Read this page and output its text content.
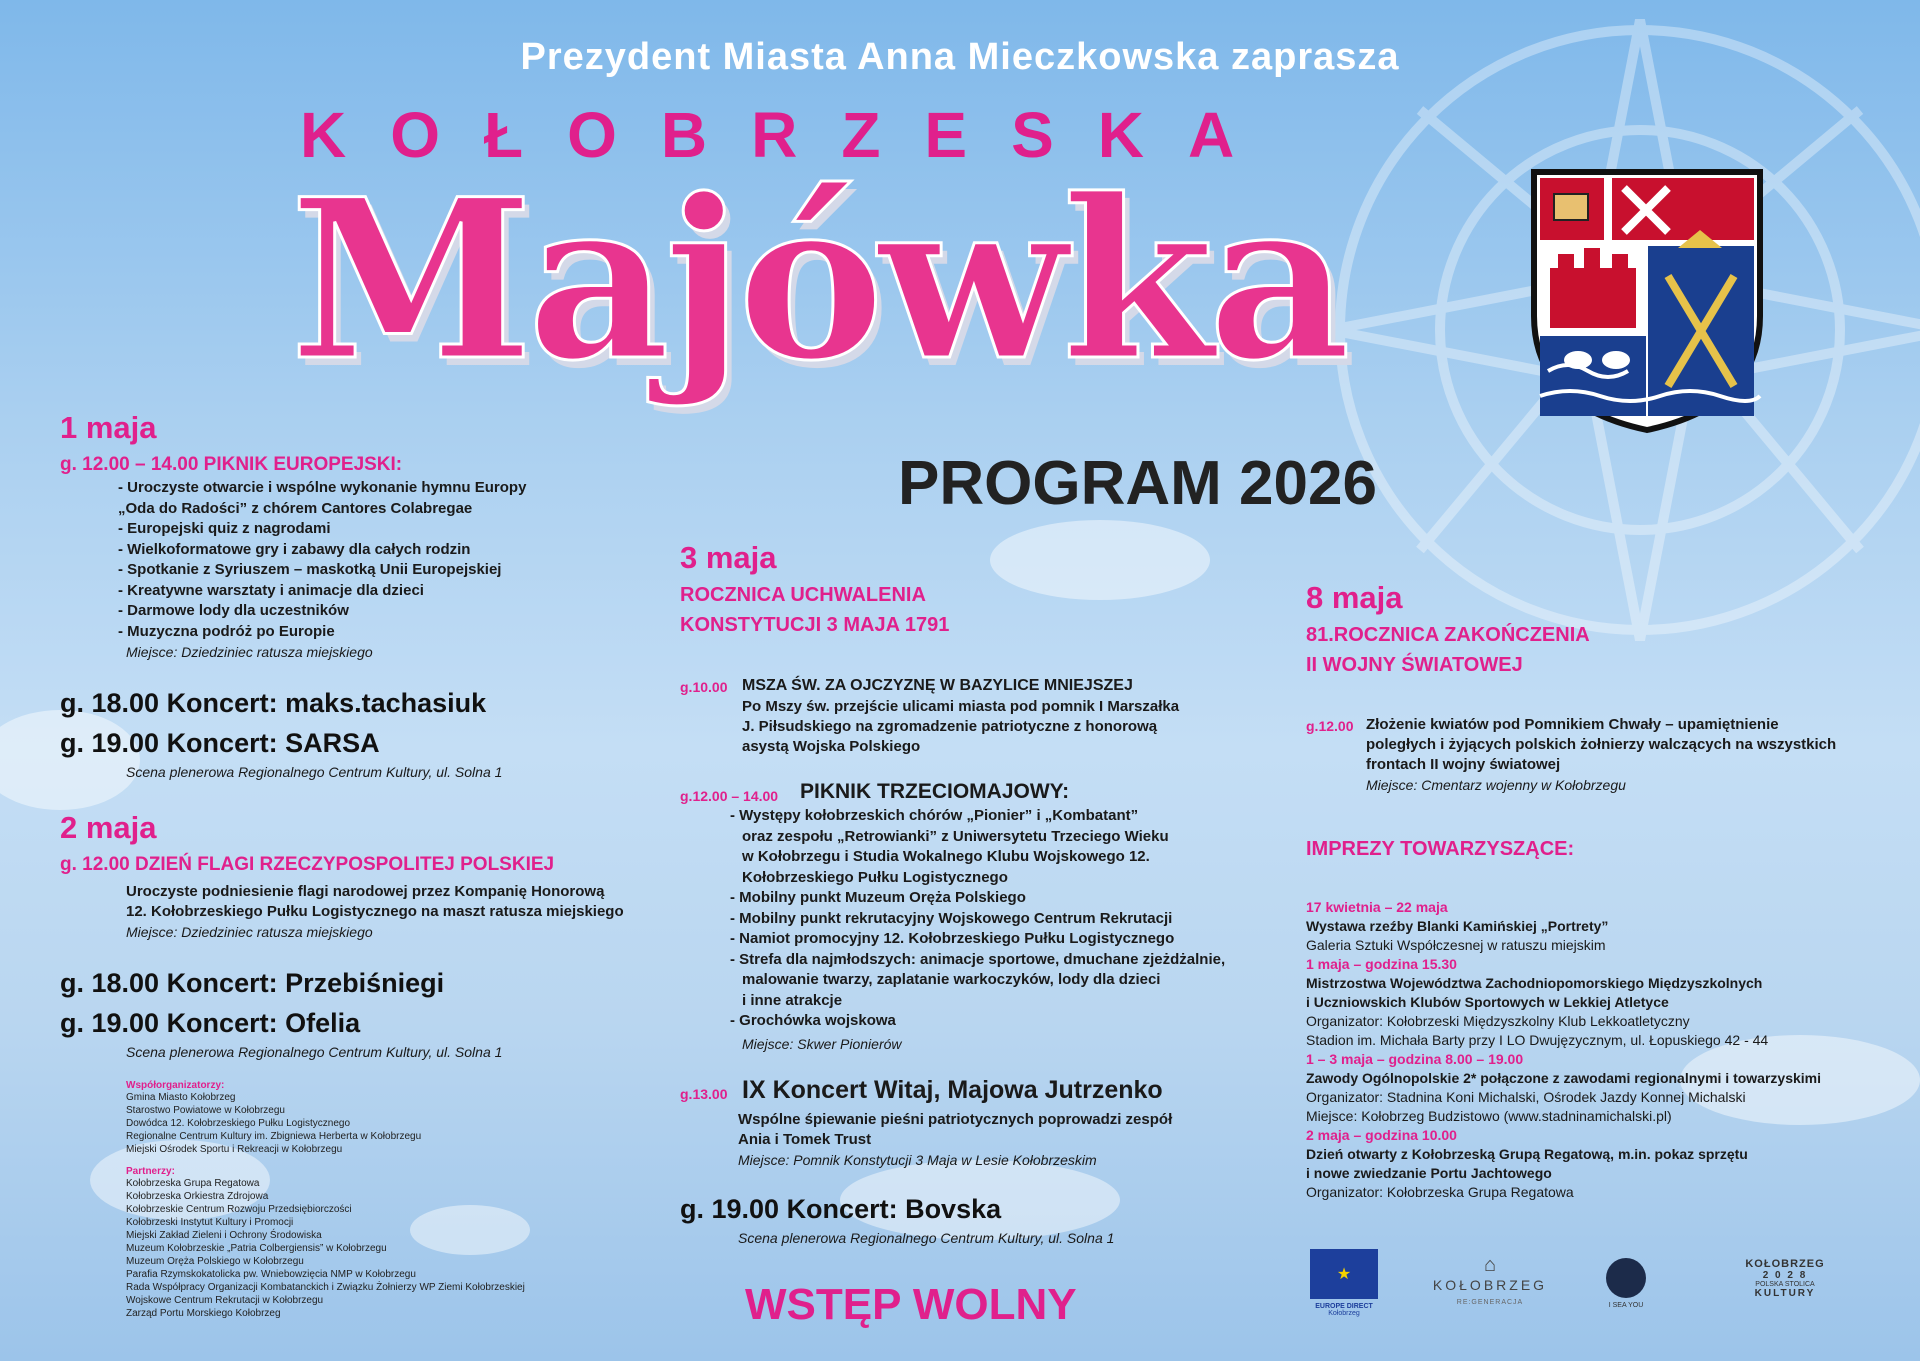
Prezydent Miasta Anna Mieczkowska zaprasza
KOŁOBRZESKA
Majówka
PROGRAM 2026
1 maja
g. 12.00 – 14.00 PIKNIK EUROPEJSKI:
- Uroczyste otwarcie i wspólne wykonanie hymnu Europy
„Oda do Radości” z chórem Cantores Colabregae
- Europejski quiz z nagrodami
- Wielkoformatowe gry i zabawy dla całych rodzin
- Spotkanie z Syriuszem – maskotką Unii Europejskiej
- Kreatywne warsztaty i animacje dla dzieci
- Darmowe lody dla uczestników
- Muzyczna podróż po Europie
Miejsce: Dziedziniec ratusza miejskiego
g. 18.00 Koncert: maks.tachasiuk
g. 19.00 Koncert: SARSA
Scena plenerowa Regionalnego Centrum Kultury, ul. Solna 1
2 maja
g. 12.00 DZIEŃ FLAGI RZECZYPOSPOLITEJ POLSKIEJ
Uroczyste podniesienie flagi narodowej przez Kompanię Honorową
12. Kołobrzeskiego Pułku Logistycznego na maszt ratusza miejskiego
Miejsce: Dziedziniec ratusza miejskiego
g. 18.00 Koncert: Przebiśniegi
g. 19.00 Koncert: Ofelia
Scena plenerowa Regionalnego Centrum Kultury, ul. Solna 1
Współorganizatorzy:
Gmina Miasto Kołobrzeg
Starostwo Powiatowe w Kołobrzegu
Dowódca 12. Kołobrzeskiego Pułku Logistycznego
Regionalne Centrum Kultury im. Zbigniewa Herberta w Kołobrzegu
Miejski Ośrodek Sportu i Rekreacji w Kołobrzegu
Partnerzy:
Kołobrzeska Grupa Regatowa
Kołobrzeska Orkiestra Zdrojowa
Kołobrzeskie Centrum Rozwoju Przedsiębiorczości
Kołobrzeski Instytut Kultury i Promocji
Miejski Zakład Zieleni i Ochrony Środowiska
Muzeum Kołobrzeskie „Patria Colbergiensis” w Kołobrzegu
Muzeum Oręża Polskiego w Kołobrzegu
Parafia Rzymskokatolicka pw. Wniebowzięcia NMP w Kołobrzegu
Rada Współpracy Organizacji Kombatanckich i Związku Żołnierzy WP Ziemi Kołobrzeskiej
Wojskowe Centrum Rekrutacji w Kołobrzegu
Zarząd Portu Morskiego Kołobrzeg
3 maja
ROCZNICA UCHWALENIA
KONSTYTUCJI 3 MAJA 1791
g.10.00 MSZA ŚW. ZA OJCZYZNĘ W BAZYLICE MNIEJSZEJ
Po Mszy św. przejście ulicami miasta pod pomnik I Marszałka
J. Piłsudskiego na zgromadzenie patriotyczne z honorową
asystą Wojska Polskiego
g.12.00 – 14.00 PIKNIK TRZECIOMAJOWY:
- Występy kołobrzeskich chórów „Pionier” i „Kombatant”
oraz zespołu „Retrowianki” z Uniwersytetu Trzeciego Wieku
w Kołobrzegu i Studia Wokalnego Klubu Wojskowego 12.
Kołobrzeskiego Pułku Logistycznego
- Mobilny punkt Muzeum Oręża Polskiego
- Mobilny punkt rekrutacyjny Wojskowego Centrum Rekrutacji
- Namiot promocyjny 12. Kołobrzeskiego Pułku Logistycznego
- Strefa dla najmłodszych: animacje sportowe, dmuchane zjeżdżalnie,
malowanie twarzy, zaplatanie warkoczyków, lody dla dzieci
i inne atrakcje
- Grochówka wojskowa
Miejsce: Skwer Pionierów
g.13.00 IX Koncert Witaj, Majowa Jutrzenko
Wspólne śpiewanie pieśni patriotycznych poprowadzi zespół
Ania i Tomek Trust
Miejsce: Pomnik Konstytucji 3 Maja w Lesie Kołobrzeskim
g. 19.00 Koncert: Bovska
Scena plenerowa Regionalnego Centrum Kultury, ul. Solna 1
WSTĘP WOLNY
8 maja
81.ROCZNICA ZAKOŃCZENIA
II WOJNY ŚWIATOWEJ
g.12.00 Złożenie kwiatów pod Pomnikiem Chwały – upamiętnienie
poległych i żyjących polskich żołnierzy walczących na wszystkich
frontach II wojny światowej
Miejsce: Cmentarz wojenny w Kołobrzegu
IMPREZY TOWARZYSZĄCE:
17 kwietnia – 22 maja
Wystawa rzeźby Blanki Kamińskiej „Portrety”
Galeria Sztuki Współczesnej w ratuszu miejskim
1 maja – godzina 15.30
Mistrzostwa Województwa Zachodniopomorskiego Międzyszkolnych
i Uczniowskich Klubów Sportowych w Lekkiej Atletyce
Organizator: Kołobrzeski Międzyszkolny Klub Lekkoatletyczny
Stadion im. Michała Barty przy I LO Dwujęzycznym, ul. Łopuskiego 42 - 44
1 – 3 maja – godzina 8.00 – 19.00
Zawody Ogólnopolskie 2* połączone z zawodami regionalnymi i towarzyskimi
Organizator: Stadnina Koni Michalski, Ośrodek Jazdy Konnej Michalski
Miejsce: Kołobrzeg Budzistowo (www.stadninamichalski.pl)
2 maja – godzina 10.00
Dzień otwarty z Kołobrzeską Grupą Regatową, m.in. pokaz sprzętu
i nowe zwiedzanie Portu Jachtowego
Organizator: Kołobrzeska Grupa Regatowa
★
EUROPE DIRECT
Kołobrzeg
⌂
KOŁOBRZEG
RE:GENERACJA	I SEA YOU
KOŁOBRZEG
2 0 2 8
POLSKA STOLICA
KULTURY
